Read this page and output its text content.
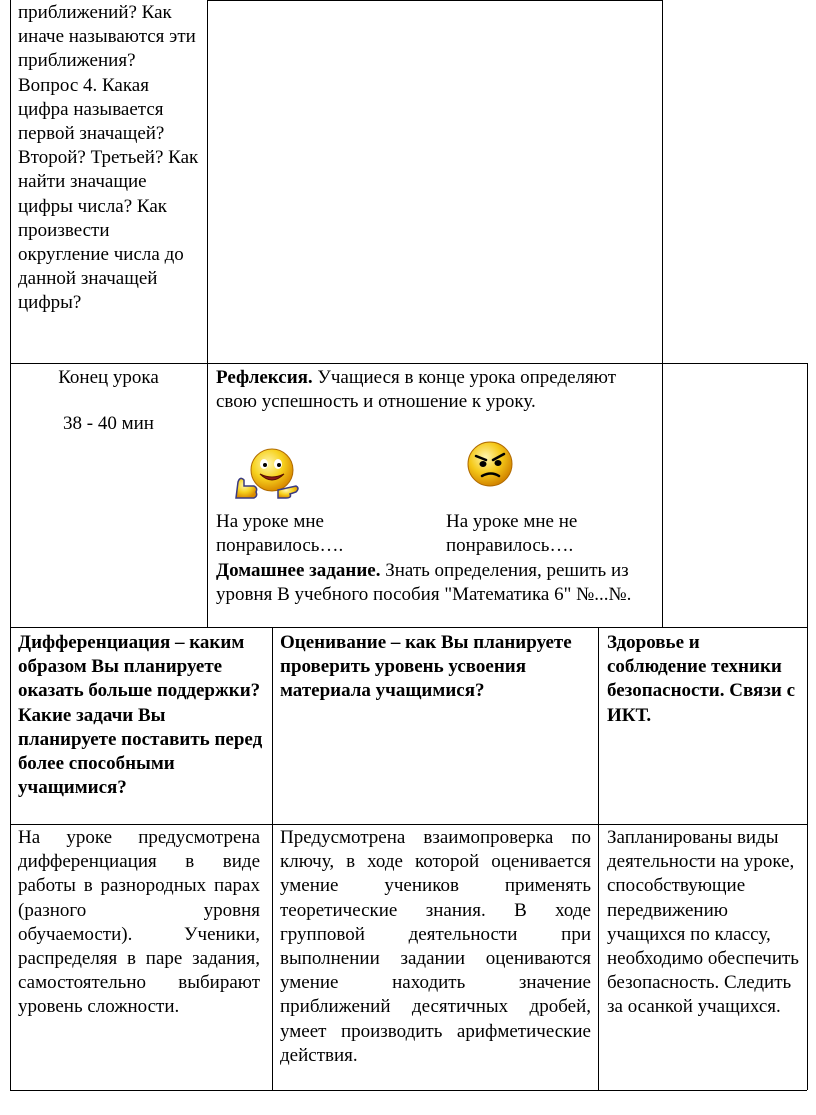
приближений? Как иначе называются эти приближения? Вопрос 4. Какая цифра называется первой значащей? Второй? Третьей? Как найти значащие цифры числа? Как произвести округление числа до данной значащей цифры?
Конец урока
38 - 40 мин
Рефлексия. Учащиеся в конце урока определяют свою успешность и отношение к уроку.
На уроке мне
понравилось….
На уроке мне не
понравилось….
Домашнее задание. Знать определения, решить из уровня В учебного пособия "Математика 6" №...№.
Дифференциация – каким образом Вы планируете оказать больше поддержки? Какие задачи Вы планируете поставить перед более способными учащимися?
Оценивание – как Вы планируете проверить уровень усвоения материала учащимися?
Здоровье и соблюдение техники безопасности. Связи с ИКТ.
На уроке предусмотрена дифференциация в виде работы в разнородных парах (разного уровня обучаемости). Ученики, распределяя в паре задания, самостоятельно выбирают уровень сложности.
Предусмотрена взаимопроверка по ключу, в ходе которой оценивается умение учеников применять теоретические знания. В ходе групповой деятельности при выполнении задании оцениваются умение находить значение приближений десятичных дробей, умеет производить арифметические действия.
Запланированы виды деятельности на уроке, способствующие передвижению учащихся по классу, необходимо обеспечить безопасность. Следить за осанкой учащихся.
